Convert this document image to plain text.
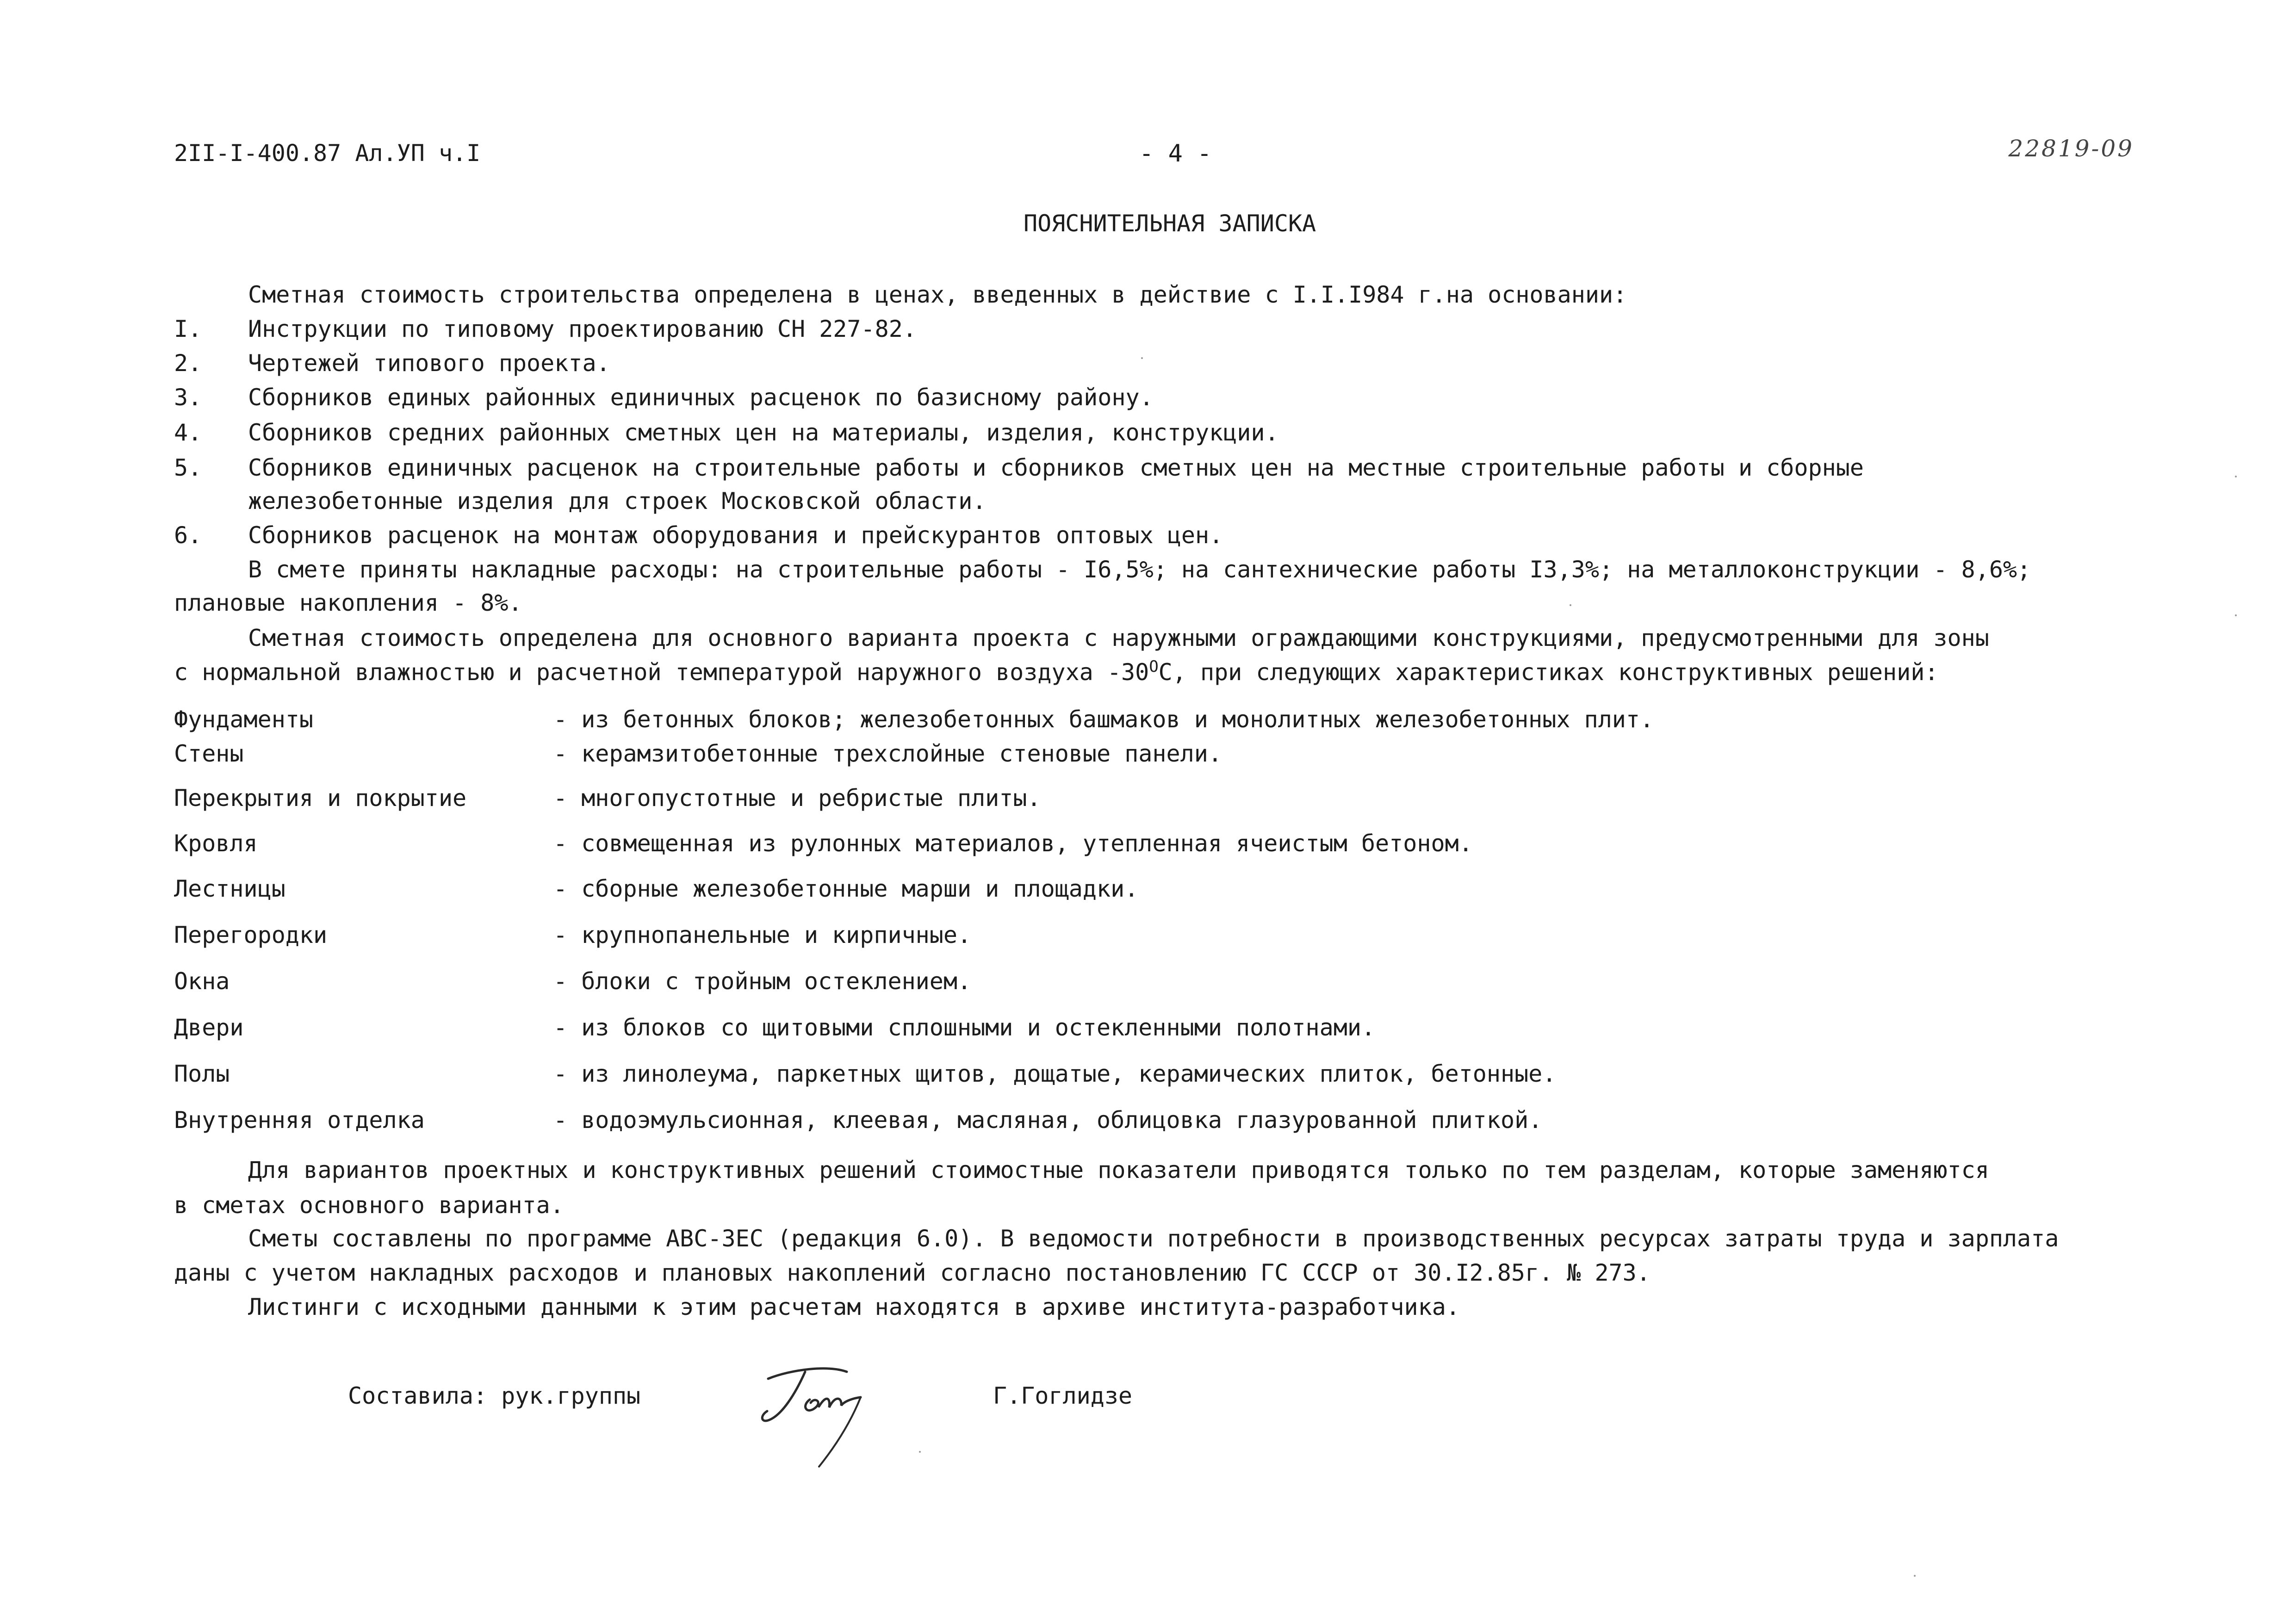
2II-I-400.87 Ал.УП ч.I	- 4 -	22819-09
ПОЯСНИТЕЛЬНАЯ ЗАПИСКА
Сметная стоимость строительства определена в ценах, введенных в действие с I.I.I984 г.на основании:
I. Инструкции по типовому проектированию СН 227-82.
2. Чертежей типового проекта.
3. Сборников единых районных единичных расценок по базисному району.
4. Сборников средних районных сметных цен на материалы, изделия, конструкции.
5. Сборников единичных расценок на строительные работы и сборников сметных цен на местные строительные работы и сборные
железобетонные изделия для строек Московской области.
6. Сборников расценок на монтаж оборудования и прейскурантов оптовых цен.
В смете приняты накладные расходы: на строительные работы - I6,5%; на сантехнические работы I3,3%; на металлоконструкции - 8,6%;
плановые накопления - 8%.
Сметная стоимость определена для основного варианта проекта с наружными ограждающими конструкциями, предусмотренными для зоны
с нормальной влажностью и расчетной температурой наружного воздуха $-30^ОС$, при следующих характеристиках конструктивных решений:
Фундаменты	- из бетонных блоков; железобетонных башмаков и монолитных железобетонных плит.
Стены	- керамзитобетонные трехслойные стеновые панели.
Перекрытия и покрытие	- многопустотные и ребристые плиты.
Кровля	- совмещенная из рулонных материалов, утепленная ячеистым бетоном.
Лестницы	- сборные железобетонные марши и площадки.
Перегородки	- крупнопанельные и кирпичные.
Окна	- блоки с тройным остеклением.
Двери	- из блоков со щитовыми сплошными и остекленными полотнами.
Полы	- из линолеума, паркетных щитов, дощатые, керамических плиток, бетонные.
Внутренняя отделка	- водоэмульсионная, клеевая, масляная, облицовка глазурованной плиткой.
Для вариантов проектных и конструктивных решений стоимостные показатели приводятся только по тем разделам, которые заменяются
в сметах основного варианта.
Сметы составлены по программе АВС-3ЕС (редакция 6.0). В ведомости потребности в производственных ресурсах затраты труда и зарплата
даны с учетом накладных расходов и плановых накоплений согласно постановлению ГС СССР от 30.I2.85г. № 273.
Листинги с исходными данными к этим расчетам находятся в архиве института-разработчика.
Составила: рук.группы	Г.Гоглидзе
